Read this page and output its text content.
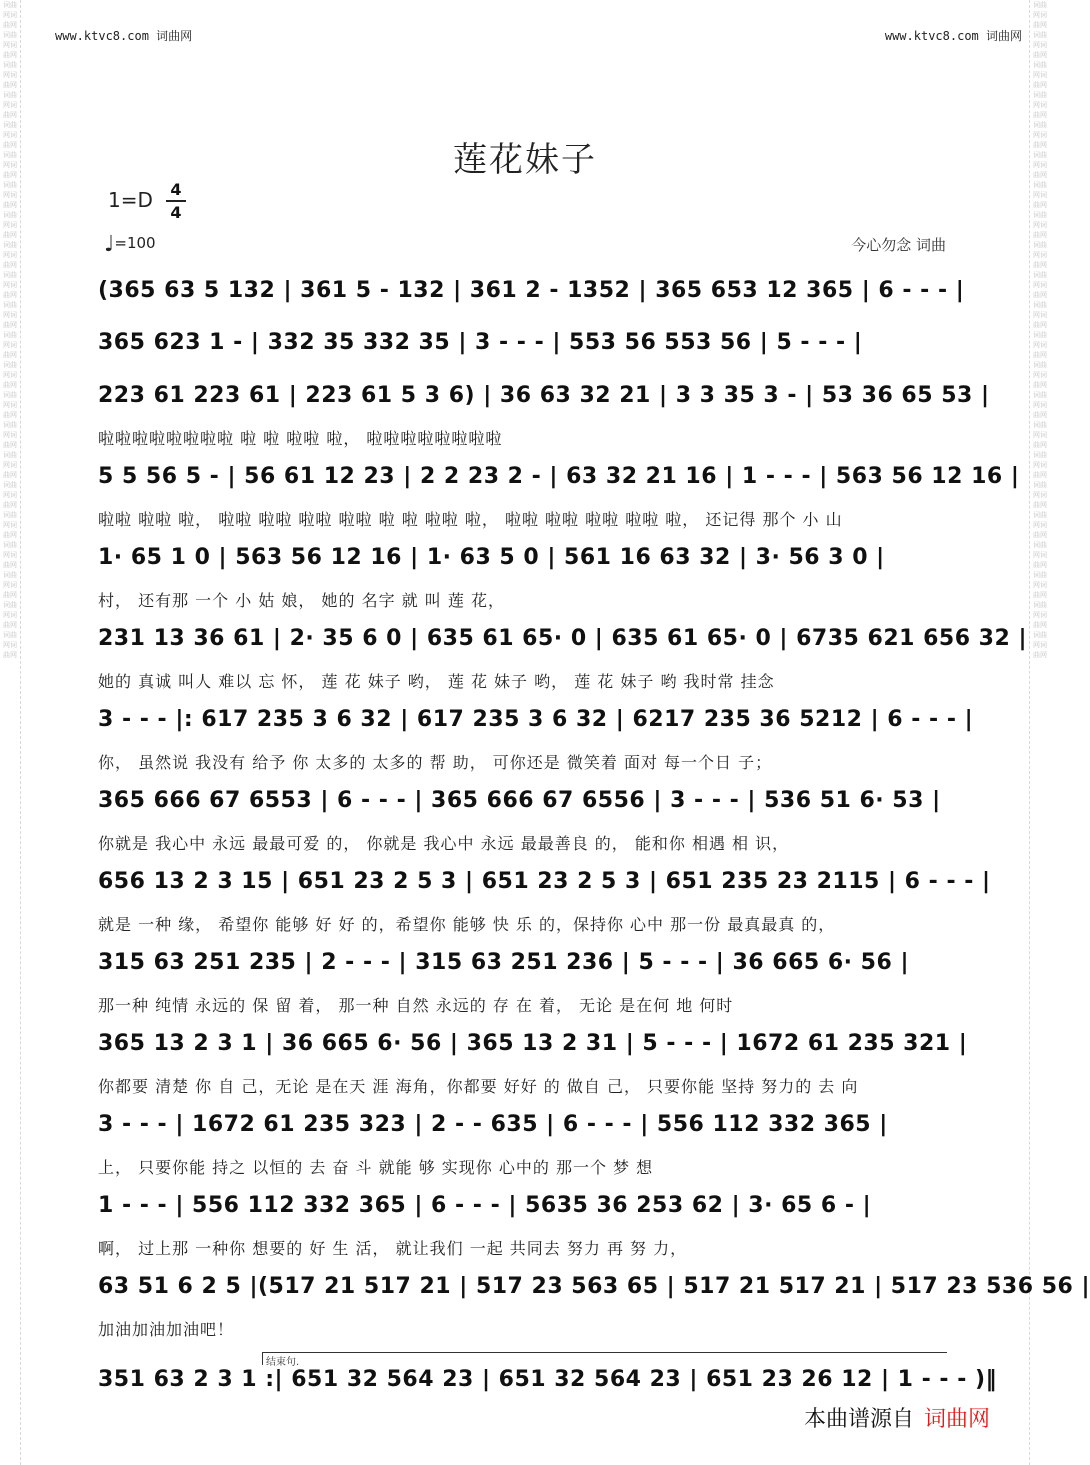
词曲网词曲网词曲网词曲网词曲网词曲网词曲网词曲网词曲网词曲网词曲网词曲网词曲网词曲网词曲网词曲网词曲网词曲网词曲网词曲网词曲网词曲网词曲网词曲网词曲网词曲网词曲网词曲网词曲网词曲网词曲网词曲网词曲网词曲网词曲网词曲网词曲网词曲网词曲网词曲网词曲网词曲网词曲网词曲网
词曲网词曲网词曲网词曲网词曲网词曲网词曲网词曲网词曲网词曲网词曲网词曲网词曲网词曲网词曲网词曲网词曲网词曲网词曲网词曲网词曲网词曲网词曲网词曲网词曲网词曲网词曲网词曲网词曲网词曲网词曲网词曲网词曲网词曲网词曲网词曲网词曲网词曲网词曲网词曲网词曲网词曲网词曲网词曲网
www.ktvc8.com 词曲网	www.ktvc8.com 词曲网
莲花妹子
1=D 4
4
♩=100	今心勿念 词曲
(365 63 5 132 | 361 5 - 132 | 361 2 - 1352 | 365 653 12 365 | 6 - - - |
365 623 1 - | 332 35 332 35 | 3 - - - | 553 56 553 56 | 5 - - - |
223 61 223 61 | 223 61 5 3 6) | 36 63 32 21 | 3 3 35 3 - | 53 36 65 53 |
啦啦啦啦啦啦啦啦 啦 啦 啦啦 啦， 啦啦啦啦啦啦啦啦
5 5 56 5 - | 56 61 12 23 | 2 2 23 2 - | 63 32 21 16 | 1 - - - | 563 56 12 16 |
啦啦 啦啦 啦， 啦啦 啦啦 啦啦 啦啦 啦 啦 啦啦 啦， 啦啦 啦啦 啦啦 啦啦 啦， 还记得 那个 小 山
1· 65 1 0 | 563 56 12 16 | 1· 63 5 0 | 561 16 63 32 | 3· 56 3 0 |
村， 还有那 一个 小 姑 娘， 她的 名字 就 叫 莲 花，
231 13 36 61 | 2· 35 6 0 | 635 61 65· 0 | 635 61 65· 0 | 6735 621 656 32 |
她的 真诚 叫人 难以 忘 怀， 莲 花 妹子 哟， 莲 花 妹子 哟， 莲 花 妹子 哟 我时常 挂念
3 - - - |: 617 235 3 6 32 | 617 235 3 6 32 | 6217 235 36 5212 | 6 - - - |
你， 虽然说 我没有 给予 你 太多的 太多的 帮 助， 可你还是 微笑着 面对 每一个日 子；
365 666 67 6553 | 6 - - - | 365 666 67 6556 | 3 - - - | 536 51 6· 53 |
你就是 我心中 永远 最最可爱 的， 你就是 我心中 永远 最最善良 的， 能和你 相遇 相 识，
656 13 2 3 15 | 651 23 2 5 3 | 651 23 2 5 3 | 651 235 23 2115 | 6 - - - |
就是 一种 缘， 希望你 能够 好 好 的，希望你 能够 快 乐 的，保持你 心中 那一份 最真最真 的，
315 63 251 235 | 2 - - - | 315 63 251 236 | 5 - - - | 36 665 6· 56 |
那一种 纯情 永远的 保 留 着， 那一种 自然 永远的 存 在 着， 无论 是在何 地 何时
365 13 2 3 1 | 36 665 6· 56 | 365 13 2 31 | 5 - - - | 1672 61 235 321 |
你都要 清楚 你 自 己，无论 是在天 涯 海角，你都要 好好 的 做自 己， 只要你能 坚持 努力的 去 向
3 - - - | 1672 61 235 323 | 2 - - 635 | 6 - - - | 556 112 332 365 |
上， 只要你能 持之 以恒的 去 奋 斗 就能 够 实现你 心中的 那一个 梦 想
1 - - - | 556 112 332 365 | 6 - - - | 5635 36 253 62 | 3· 65 6 - |
啊， 过上那 一种你 想要的 好 生 活， 就让我们 一起 共同去 努力 再 努 力，
63 51 6 2 5 |(517 21 517 21 | 517 23 563 65 | 517 21 517 21 | 517 23 536 56 |
加油加油加油吧！
351 63 2 3 1 :| 651 32 564 23 | 651 32 564 23 | 651 23 26 12 | 1 - - - )‖
结束句.
本曲谱源自 词曲网
